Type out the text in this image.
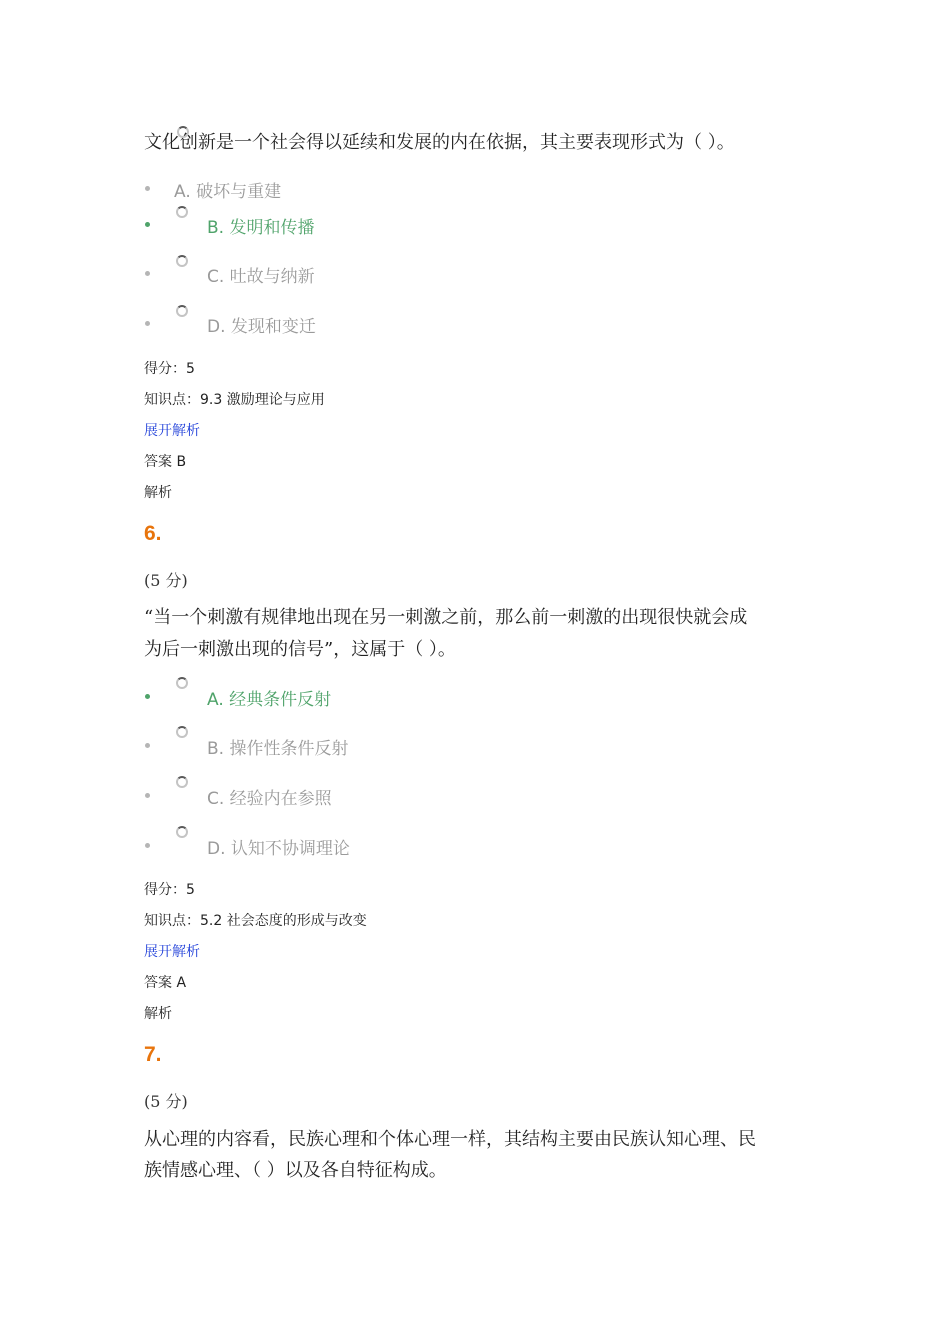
文化创新是一个社会得以延续和发展的内在依据，其主要表现形式为（ ）。
A. 破坏与重建
B. 发明和传播
C. 吐故与纳新
D. 发现和变迁
得分：5
知识点：9.3 激励理论与应用
展开解析
答案 B
解析
6.
(5 分)
“当一个刺激有规律地出现在另一刺激之前，那么前一刺激的出现很快就会成
为后一刺激出现的信号”，这属于（ ）。
A. 经典条件反射
B. 操作性条件反射
C. 经验内在参照
D. 认知不协调理论
得分：5
知识点：5.2 社会态度的形成与改变
展开解析
答案 A
解析
7.
(5 分)
从心理的内容看，民族心理和个体心理一样，其结构主要由民族认知心理、民
族情感心理、（ ）以及各自特征构成。
